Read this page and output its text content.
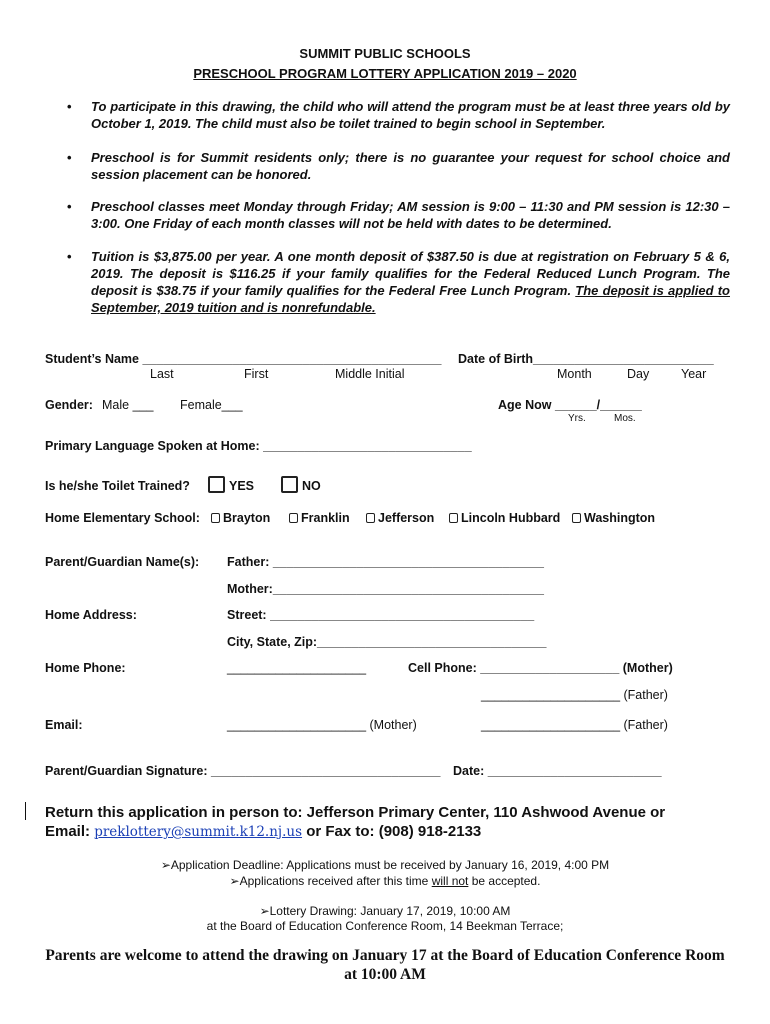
SUMMIT PUBLIC SCHOOLS
PRESCHOOL PROGRAM LOTTERY APPLICATION 2019 – 2020
• To participate in this drawing, the child who will attend the program must be at least three years old by October 1, 2019. The child must also be toilet trained to begin school in September.
• Preschool is for Summit residents only; there is no guarantee your request for school choice and session placement can be honored.
• Preschool classes meet Monday through Friday; AM session is 9:00 – 11:30 and PM session is 12:30 – 3:00. One Friday of each month classes will not be held with dates to be determined.
• Tuition is $3,875.00 per year. A one month deposit of $387.50 is due at registration on February 5 & 6, 2019. The deposit is $116.25 if your family qualifies for the Federal Reduced Lunch Program. The deposit is $38.75 if your family qualifies for the Federal Free Lunch Program. The deposit is applied to September, 2019 tuition and is nonrefundable.
Student’s Name ___________________________________________ Date of Birth__________________________
Last	First	Middle Initial	Month	Day	Year
Gender: Male ___ Female___	Age Now ______/______
Yrs.	Mos.
Primary Language Spoken at Home: ______________________________
Is he/she Toilet Trained?	YES	NO
Home Elementary School:	Brayton	Franklin	Jefferson	Lincoln Hubbard	Washington
Parent/Guardian Name(s): Father: _______________________________________
Mother:_______________________________________
Home Address:	Street: ______________________________________
City, State, Zip:_________________________________
Home Phone:	____________________	Cell Phone: ____________________ (Mother)
____________________ (Father)
Email:	____________________ (Mother)	____________________ (Father)
Parent/Guardian Signature: _________________________________ Date: _________________________
Return this application in person to: Jefferson Primary Center, 110 Ashwood Avenue or
Email: preklottery@summit.k12.nj.us or Fax to: (908) 918-2133
➢Application Deadline: Applications must be received by January 16, 2019, 4:00 PM
➢Applications received after this time will not be accepted.
➢Lottery Drawing: January 17, 2019, 10:00 AM
at the Board of Education Conference Room, 14 Beekman Terrace;
Parents are welcome to attend the drawing on January 17 at the Board of Education Conference Room
at 10:00 AM
